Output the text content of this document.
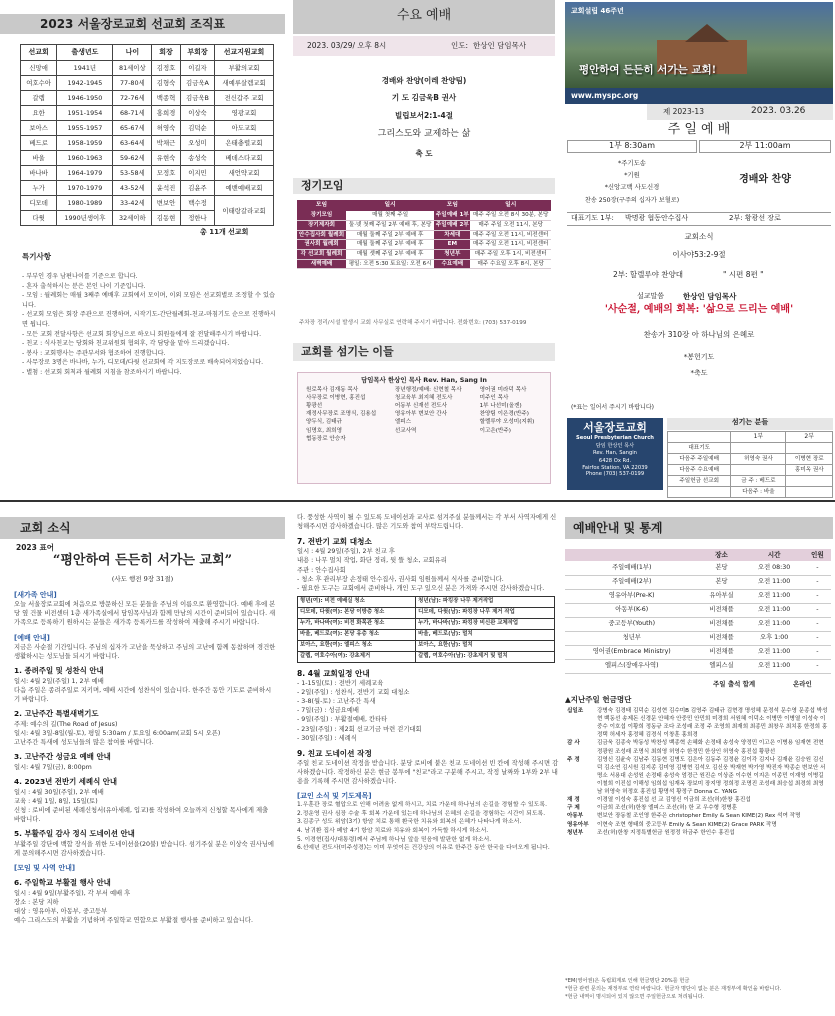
2023 서울장로교회 선교회 조직표
선교회	출생년도	나이	회장	부회장	선교지원교회
신망애	1941년	81세이상	김정호	이길자	부활의교회
여호수아	1942-1945	77-80세	김형숙	김금욱A	새예루살렘교회
갈렙	1946-1950	72-76세	백종혁	김금욱B	전신갑주 교회
요한	1951-1954	68-71세	홍희경	이상숙	영광교회
보아스	1955-1957	65-67세	허영숙	김덕순	아도교회
베드로	1958-1959	63-64세	박채근	오성미	은태충렬교회
바울	1960-1963	59-62세	유현숙	송성숙	베데스다교회
바나바	1964-1979	53-58세	모정호	이지민	새언약교회
누가	1970-1979	43-52세	윤석진	김윤주	예밴예배교회
디모데	1980-1989	33-42세	변보안	백수정	이태랑갈라교회
다윗	1990년생이후	32세이하	김동현	정한나	
총 11개 선교회
특기사항
- 부부인 경우 남편나이를 기준으로 합니다.
- 혼자 출석하시는 분은 본인 나이 기준입니다.
- 모임 : 월례회는 매월 3째주 예배후 교회에서 모이며, 이외 모임은 선교회별로 조정할 수 있습니다.
- 선교회 모임은 회장 주관으로 진행하며, 시작기도-간단월례회-친교-마침기도 순으로 진행하시면 됩니다.
- 모든 교회 전달사항은 선교회 회장님으로 하오니 회원들에게 잘 전달해주시기 바랍니다.
- 친교 : 식사친교는 당회와 친교위원회 협의후, 각 담당을 맡아 드리겠습니다.
- 봉사 : 교회행사는 주관부서와 협조하여 진행합니다.
- 사무장로 3명은 바나바, 누가, 디모데/다윗 선교회에 각 지도장로로 배속되어지었습니다.
- 별첨 : 선교회 회칙과 월례회 지침을 참조하시기 바랍니다.
수요 예배
2023. 03/29/ 오후 8시	인도: 한상인 담임목사
경배와 찬양(이레 찬양팀)
기 도 김금욱B 권사
빌립보서2:1-4절
그리스도와 교제하는 삶
축 도
정기모임
모임	일시	모임	일시
장기모임	매월 첫째 주일	주일예배 1부	매주 주일 오전 8시 30분, 본당
장기제자회	둘·넷 첫째 주일 2부 예배 후, 본당	주일예배 2부	매주 주일 오전 11시, 본당
안수집사회 월례회	매월 둘째 주일 2부 예배 후	차세대	매주 주일 오전 11시, 비전센터
권사회 월례회	매월 둘째 주일 2부 예배 후	EM	매주 주일 오전 11시, 비전센터
각 선교회 월례회	매월 셋째 주일 2부 예배 후	청년부	매주 주일 오후 1시, 비전센터
새벽예배	평일: 오전 5:30 토요일: 오전 6시	수요예배	매주 수요일 오후 8시, 본당
주차장 정리/시설 발생시 교회 사무실로 연락해 주시기 바랍니다. 전화번호: (703) 537-0199
교회를 섬기는 이들
담임목사 한상인 목사 Rev. Han, Sang In
원로목사 김재동 목사	장년행정/예배: 신현철 목사	영어권 미라덕 목사
사무장로 이병현, 홍진섭	청교육부 최지혜 전도사	미주인 목사
황광선	어동부 신재선 전도사	1부 나선미(올겐)
재정사무장로 조명식, 김용섭	영유아부 변보안 간사	찬양팀 이은경(반주)
양두식, 김태규	엘피스	할렐루야 오성미(지휘)
임명호, 최희영	선교사역	이고은(반주)
협동장로 안승자		
교회설립 46주년
평안하여 든든히 서가는 교회!
www.myspc.org
제 2023-13	2023. 03.26
주 일 예 배
1부 8:30am	2부 11:00am
*주기도송
*기원
*신앙고백 사도신경
경배와 찬양
찬송 250장(구주의 십자가 보혈로)
대표기도 1부: 박명광 협동안수집사	2부: 황광선 장로
교회소식
이사야53:2-9절
2부: 할렐루야 찬양대	" 시편 8편 "
설교말씀	한상인 담임목사
'사순절, 예배의 회복: '삶으로 드리는 예배'
찬송가 310장 아 하나님의 은혜로
*봉헌기도
*축도
(*표는 일어서 주시기 바랍니다)
서울장로교회
Seoul Presbyterian Church
담임 한상인 목사
Rev. Han, Sangin
6428 Ox Rd.
Fairfox Station, VA 22039
Phone (703) 537-0199
섬기는 분들
	1부	2부
대표기도		
다음주 주일예배	허영숙 권사	이병현 장로
다음주 수요예배		홍미옥 권사
주일헌금 선교회	금 주 : 베드로	
	다음주 : 바울	
교회 소식
2023 표어
“평안하여 든든히 서가는 교회”
(사도 행전 9장 31절)
[새가족 안내]
오늘 서울장로교회에 처음으로 방문하신 모든 분들을 주님의 이름으로 환영합니다. 예배 후에 본당 옆 건물 비전센터 1층 새가족실에서 담임목사님과 함께 만남의 시간이 준비되어 있습니다. 새가족으로 등록하기 원하시는 분들은 새가족 등록카드를 작성하여 제출해 주시기 바랍니다.
[예배 안내]
지금은 사순절 기간입니다. 주님의 십자가 고난을 묵상하고 주님의 고난에 함께 동참하며 경건한 생활하시는 성도님들 되시기 바랍니다.
1. 종려주일 및 성찬식 안내
일시: 4월 2일(주일) 1, 2부 예배
다음 주일은 종려주일로 지키며, 예배 시간에 성찬식이 있습니다. 한주간 동안 기도로 준비하시기 바랍니다.
2. 고난주간 특별새벽기도
주제: 예수의 길(The Road of Jesus)
일시: 4월 3일-8일(월-토), 평일 5:30am / 토요일 6:00am(교회 5시 오픈)
고난주간 특새에 성도님들의 많은 참여를 바랍니다.
3. 고난주간 성금요 예배 안내
일시: 4월 7일(금), 8:00pm
4. 2023년 전반기 세례식 안내
일시 : 4월 30일(주일), 2부 예배
교육 : 4월 1일, 8일, 15일(토)
신청 : 로비에 준비된 세례신청서(유아세례, 입교)를 작성하여 오늘까지 신청할 목사에게 제출 바랍니다.
5. 부활주일 감사 정식 도네이션 안내
부활주일 강단에 백합 장식을 위한 도네이션을(20불) 받습니다. 섬기주실 분은 이상숙 권사님에게 문의해주시면 감사하겠습니다.
[모임 및 사역 안내]
6. 주일학교 부활절 행사 안내
일시 : 4월 9일(부활주일), 각 부서 예배 후
장소 : 본당 지하
대상 : 영유아부, 아동부, 중고등부
예수 그리스도의 부활을 기념하며 주일학교 연합으로 부활절 행사를 준비하고 있습니다.
다. 풍성한 사역이 될 수 있도록 도네이션과 교사로 섬겨주실 분들께서는 각 부서 사역자에게 신청해주시면 감사하겠습니다. 많은 기도와 참여 부탁드립니다.
7. 전반기 교회 대청소
일시 : 4월 29일(주일), 2부 친교 후
내용 : 나무 멀치 작업, 화단 정리, 뒷 뜰 청소, 교회유리
주관 : 안수집사회
- 청소 후 관리부장 손정태 안수집사, 권사회 임원들께서 식사를 준비합니다.
- 필요한 도구는 교회에서 준비하나, 개인 도구 있으신 분은 가져와 주시면 감사하겠습니다.
형년(여): 비전 예배실 청소	청년(남): 파킹장 나무 제거작업
디모데, 다윗(여): 본당 이방층 청소	디모데, 다윗(남): 파킹장 나무 제거 작업
누가, 바나바(여): 비전 화목관 청소	누가, 바나바(남): 파킹장 비신완 교체작업
바울, 베드로(여): 본당 유층 청소	바울, 베드로(남): 멀치
보아스, 요한(여): 엘피스 청소	보아스, 요한(남): 멀치
갈렙, 여호수아(여): 강초제거	갈렙, 여호수아(남): 강초제거 및 멀치
8. 4월 교회일정 안내
- 1-15일(토) : 전반기 세례교육
- 2일(주일) : 성찬식, 전반기 교회 대청소
- 3-8(월-토) : 고난주간 특새
- 7일(금) : 성금요예배
- 9일(주일) : 부활절예배, 칸타타
- 23일(주일) : 제2회 선교기금 마련 걷기대회
- 30일(주일) : 세례식
9. 친교 도네이션 작정
주일 친교 도네이션 작정을 받습니다. 분당 로비에 붙은 친교 도네이션 빈 칸에 작성해 주시면 감사하겠습니다. 작정하신 분은 현금 봉투에 "친교"라고 구분해 주시고, 작정 날짜와 1부와 2부 내용을 기록해 주시면 감사하겠습니다.
[교인 소식 및 기도제목]
1.우훈관 장로 혈압으로 인해 어려움 없게 하시고, 치료 가운데 하나님의 손길을 경험할 수 있도록.
2.정운영 권사 심장 수술 후 회복 가운데 있는데 하나님의 은혜의 손길을 경험하는 시간이 되도록.
3.김종구 성도 위암(3기) 항암 치료 통해 환국한 치유와 회복의 은혜가 나타나게 하소서.
4. 남귀환 집사 페암 4기 항암 치료와 치유와 회복이 가득할 하시게 하소서.
5. 이경현(집사/대통령)께서 주님께 하나님 앞을 믿음에 발판한 없게 하소서.
6.선예년 전도사(미주성경)는 이미 무엇이든 건강상의 이유로 한주간 동안 한국을 다녀오게 됩니다.
예배안내 및 통계
	장소	시간	인원
주일예배(1부)	본당	오전 08:30	-
주일예배(2부)	본당	오전 11:00	-
영유아부(Pre-K)	유아부실	오전 11:00	-
아동부(K-6)	비전채플	오전 11:00	-
중고등부(Youth)	비전채플	오전 11:00	-
청년부	비전채플	오후 1:00	-
영어권(Embrace Ministry)	비전채플	오전 11:00	-
엘피스(장애우사역)	엘피스실	오전 11:00	-
주일 출석 합계	온라인
▲지난주일 헌금명단
십일조	강병숙 김경태 김덕순 김성현 김수미B 김영주 김태규 김현경 명성혜 문정석 문수영 문종섭 박성현 백동선 송제돈 신경문 안혜자 안중민 안민희 미경희 서원혜 이덕소 이병만 이병열 이성숙 이중수 이호섭 이황희 정동규 조다 조성래 조정 주 조영희 최재희 최종민 최창우 최치홍 한정희 홍정택 허세자 홍정혜 김경식 이창훈 홍희경
감 사	김금욱 김종숙 박동성 박찬성 백종혁 손혜화 손정태 송성숙 양정민 이고은 이병용 임재현 전현 정광원 조성래 조명식 최희영 허영수 한정민 한상인 허영숙 홍진섭 황광선
주 정	김영신 김윤숙 김남주 김동현 김병도 김은아 김동주 김정윤 김이각 김지나 김재윤 김승원 김신덕 김소연 김시원 김지종 김미영 김병현 김석오 김신웅 박재현 박가영 박진자 박종순 변보안 서명소 서용대 손성원 손정태 송성숙 엄정근 원진순 이상준 이수헌 이지은 이종민 이재영 이병길 이철희 이진섭 이해성 임희섭 임재옥 장보미 장지명 정희정 조명진 조성래 최승섭 최경희 최영남 허영숙 허정호 홍진섭 황명석 황정구 Donna C. YANG
재 정	이경열 이성숙 홍진섭 선 교 김영신 이금희 조선(허)한창 홍진섭
구 제	이금희 조선(허)한창 엘피스 조선(허) 한 교 우수형 정병훈
아동부	변보안 장동철 조인영 한주은 christopher Emily & Sean KIME(2) Rex 석여 작명
영유아부	이현숙 조현 형태희 중고등부 Emily & Sean KIME(2) Grace PARK 작명
청년부	조선(허)한창 지정특별헌금 원정정 하금주 한인수 홍진섭
*EM(영어권)은 독립회계로 인해 헌금명단 20%를 헌금
*헌금 관련 문의는 재정부로 연락 바랍니다. 헌금자 명단이 없는 분은 재정부에 확인을 바랍니다.
*헌금 내역이 명시되어 있지 않으면 주일헌금으로 처리됩니다.
